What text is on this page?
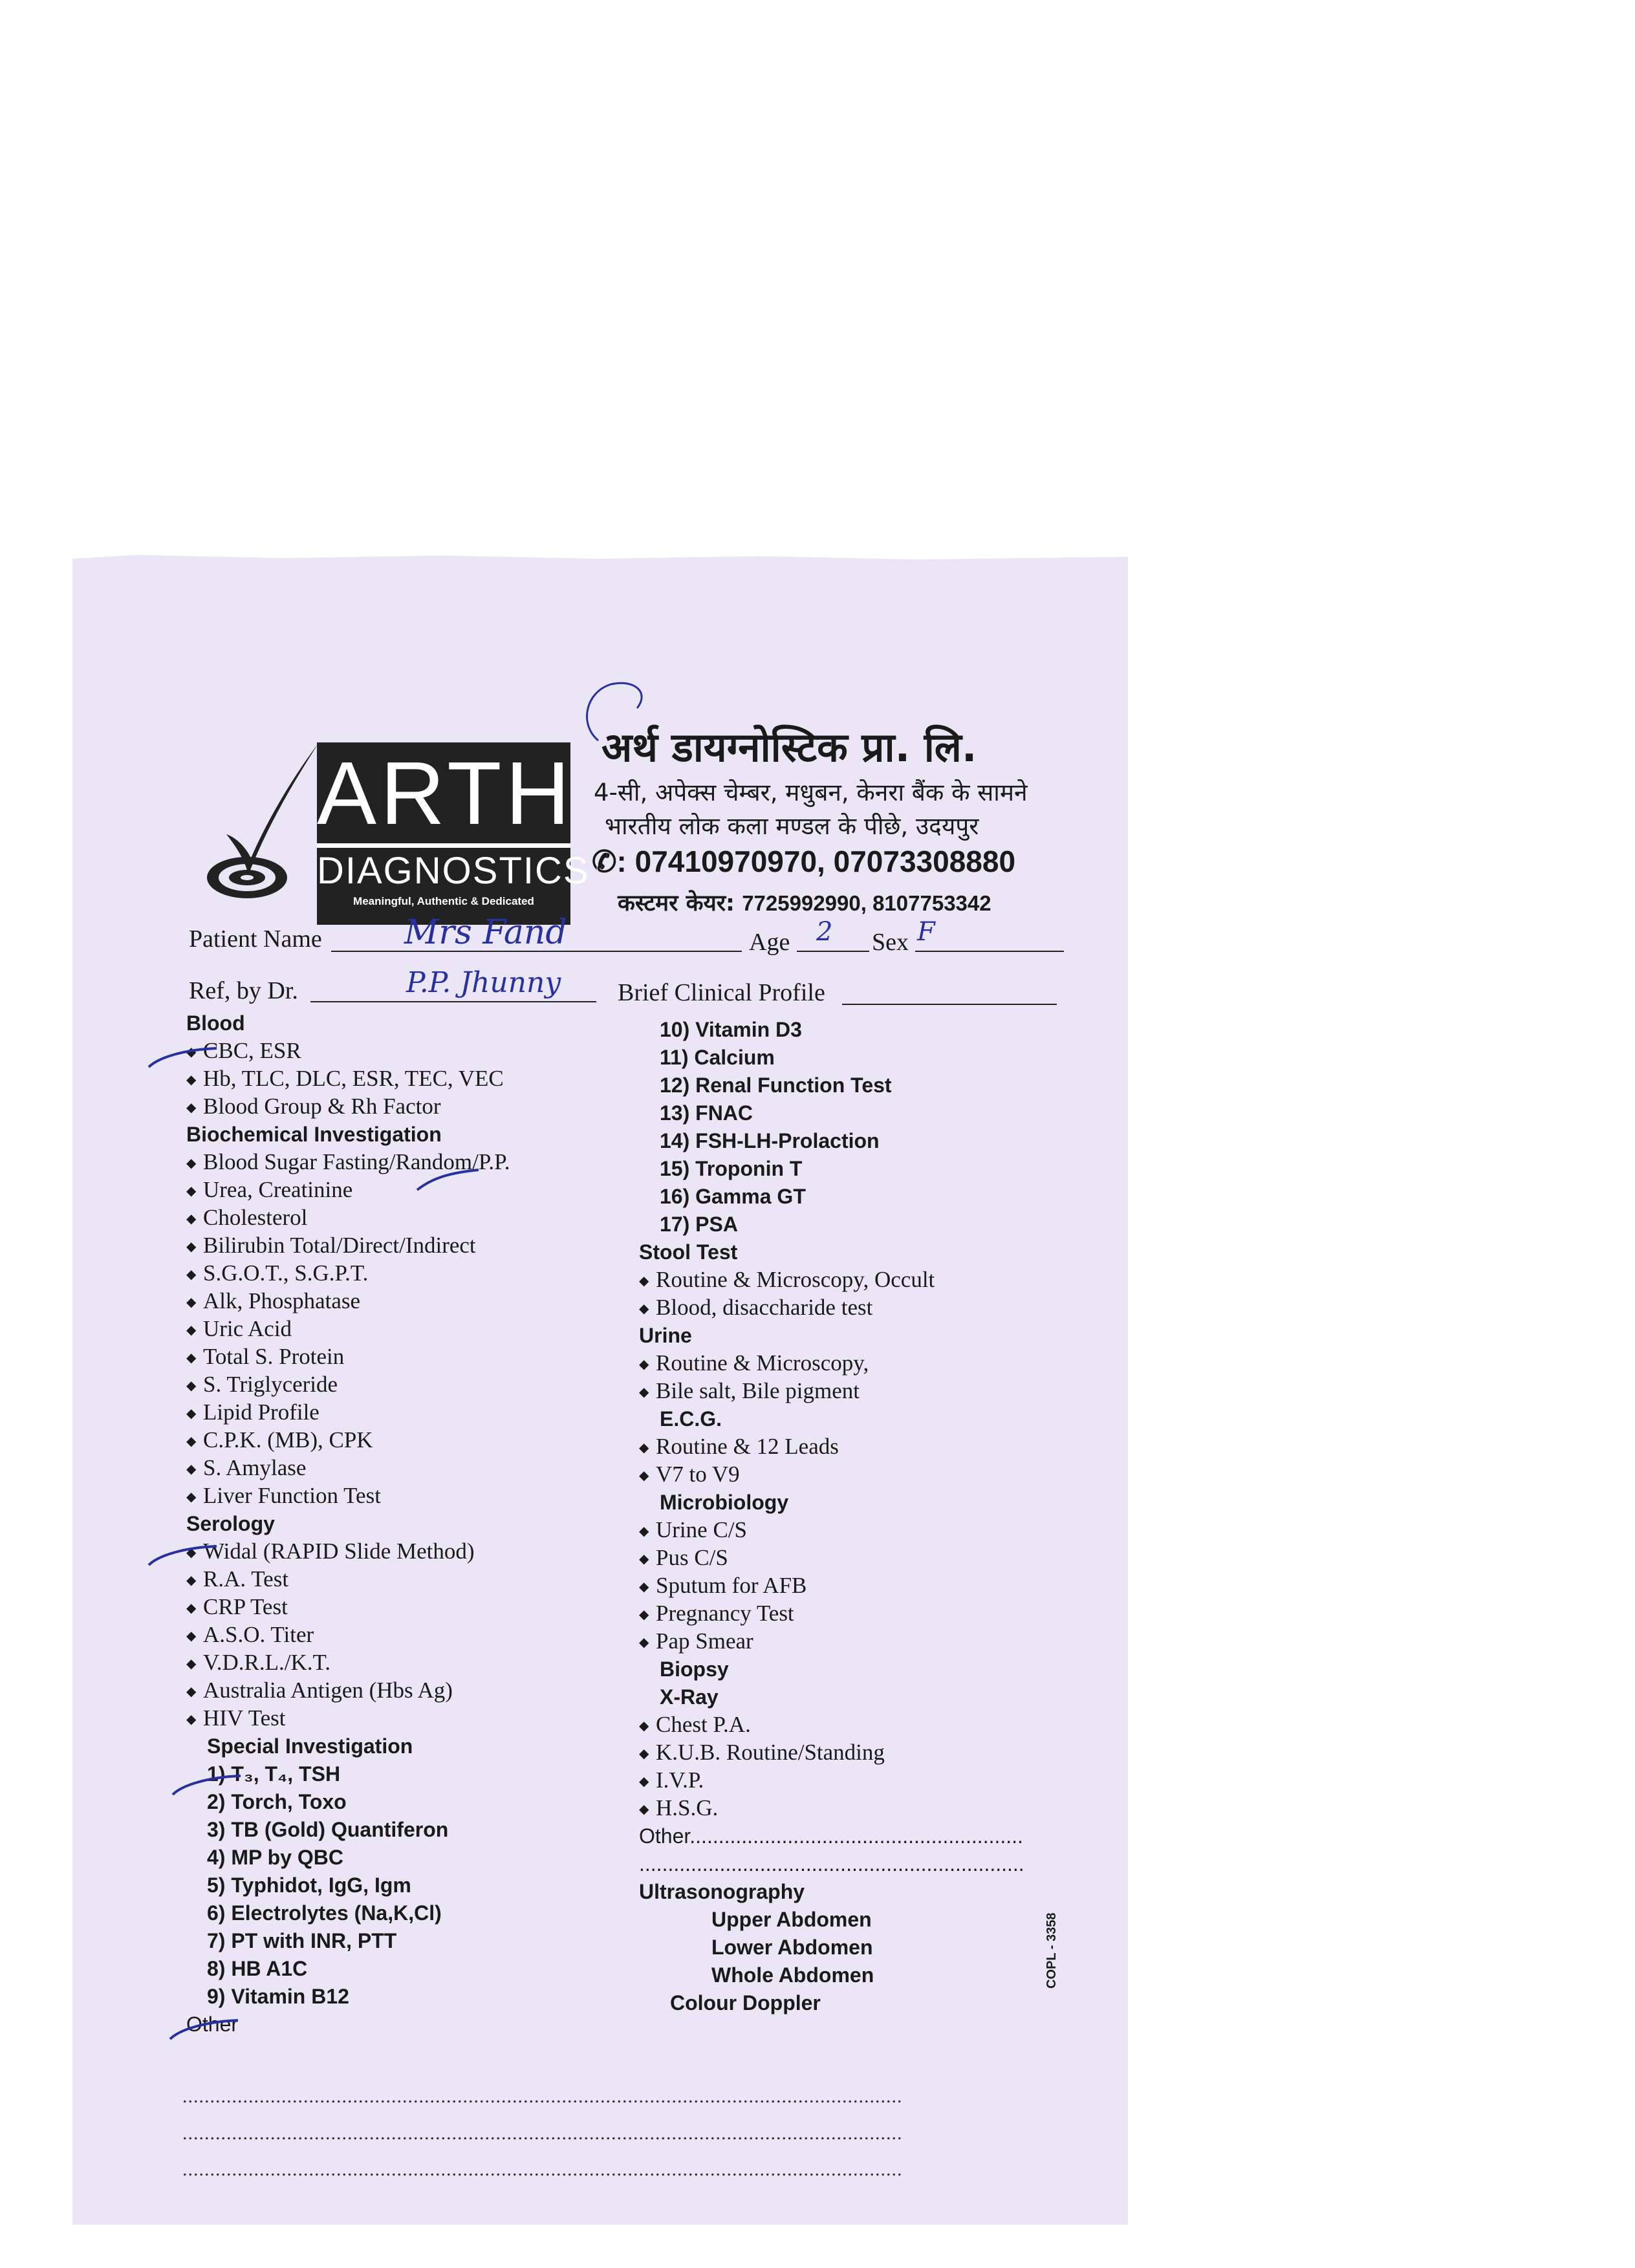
ARTH
DIAGNOSTICS
Meaningful, Authentic & Dedicated
अर्थ डायग्नोस्टिक प्रा. लि.
4-सी, अपेक्स चेम्बर, मधुबन, केनरा बैंक के सामने
भारतीय लोक कला मण्डल के पीछे, उदयपुर
✆: 07410970970, 07073308880
कस्टमर केयर: 7725992990, 8107753342
Patient Name Mrs Fand	Age 2 Sex F
Ref, by Dr.	P.P. Jhunny Brief Clinical Profile
Blood
◆ CBC, ESR
◆ Hb, TLC, DLC, ESR, TEC, VEC
◆ Blood Group & Rh Factor
Biochemical Investigation
◆ Blood Sugar Fasting/Random/P.P.
◆ Urea, Creatinine
◆ Cholesterol
◆ Bilirubin Total/Direct/Indirect
◆ S.G.O.T., S.G.P.T.
◆ Alk, Phosphatase
◆ Uric Acid
◆ Total S. Protein
◆ S. Triglyceride
◆ Lipid Profile
◆ C.P.K. (MB), CPK
◆ S. Amylase
◆ Liver Function Test
Serology
◆ Widal (RAPID Slide Method)
◆ R.A. Test
◆ CRP Test
◆ A.S.O. Titer
◆ V.D.R.L./K.T.
◆ Australia Antigen (Hbs Ag)
◆ HIV Test
Special Investigation
1) T₃, T₄, TSH
2) Torch, Toxo
3) TB (Gold) Quantiferon
4) MP by QBC
5) Typhidot, IgG, Igm
6) Electrolytes (Na,K,Cl)
7) PT with INR, PTT
8) HB A1C
9) Vitamin B12
Other
10) Vitamin D3
11) Calcium
12) Renal Function Test
13) FNAC
14) FSH-LH-Prolaction
15) Troponin T
16) Gamma GT
17) PSA
Stool Test
◆ Routine & Microscopy, Occult
◆ Blood, disaccharide test
Urine
◆ Routine & Microscopy,
◆ Bile salt, Bile pigment
E.C.G.
◆ Routine & 12 Leads
◆ V7 to V9
Microbiology
◆ Urine C/S
◆ Pus C/S
◆ Sputum for AFB
◆ Pregnancy Test
◆ Pap Smear
Biopsy
X-Ray
◆ Chest P.A.
◆ K.U.B. Routine/Standing
◆ I.V.P.
◆ H.S.G.
Other..........................................................
...................................................................
Ultrasonography
Upper Abdomen
Lower Abdomen
Whole Abdomen
Colour Doppler
...................................................................................................................................
...................................................................................................................................
...................................................................................................................................
COPL - 3358
